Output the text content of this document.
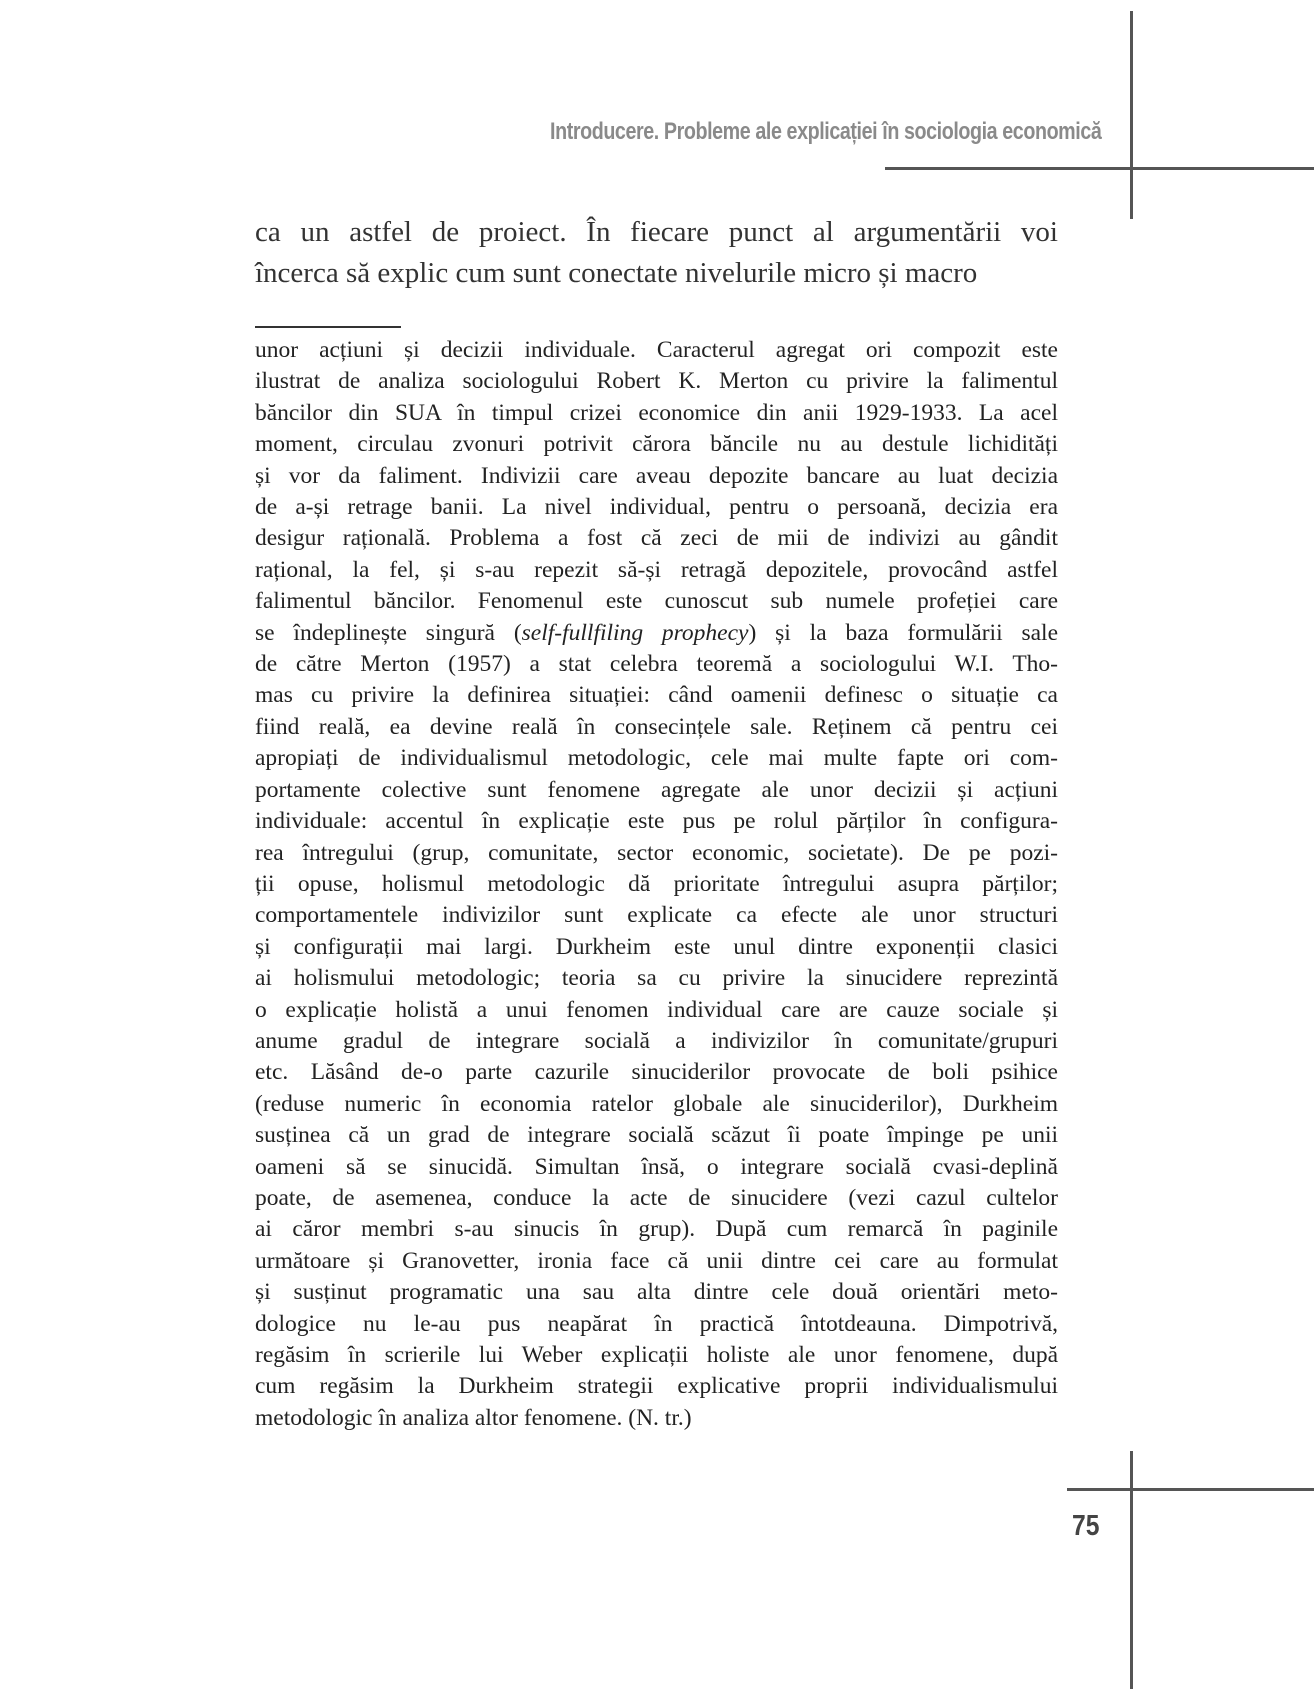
Introducere. Probleme ale explicației în sociologia economică
ca un astfel de proiect. În fiecare punct al argumentării voi
încerca să explic cum sunt conectate nivelurile micro și macro
unor acțiuni și decizii individuale. Caracterul agregat ori compozit este
ilustrat de analiza sociologului Robert K. Merton cu privire la falimentul
băncilor din SUA în timpul crizei economice din anii 1929-1933. La acel
moment, circulau zvonuri potrivit cărora băncile nu au destule lichidități
și vor da faliment. Indivizii care aveau depozite bancare au luat decizia
de a-și retrage banii. La nivel individual, pentru o persoană, decizia era
desigur rațională. Problema a fost că zeci de mii de indivizi au gândit
rațional, la fel, și s-au repezit să-și retragă depozitele, provocând astfel
falimentul băncilor. Fenomenul este cunoscut sub numele profeției care
se îndeplinește singură (self-fullfiling prophecy) și la baza formulării sale
de către Merton (1957) a stat celebra teoremă a sociologului W.I. Tho-
mas cu privire la definirea situației: când oamenii definesc o situație ca
fiind reală, ea devine reală în consecințele sale. Reținem că pentru cei
apropiați de individualismul metodologic, cele mai multe fapte ori com-
portamente colective sunt fenomene agregate ale unor decizii și acțiuni
individuale: accentul în explicație este pus pe rolul părților în configura-
rea întregului (grup, comunitate, sector economic, societate). De pe pozi-
ții opuse, holismul metodologic dă prioritate întregului asupra părților;
comportamentele indivizilor sunt explicate ca efecte ale unor structuri
și configurații mai largi. Durkheim este unul dintre exponenții clasici
ai holismului metodologic; teoria sa cu privire la sinucidere reprezintă
o explicație holistă a unui fenomen individual care are cauze sociale și
anume gradul de integrare socială a indivizilor în comunitate/grupuri
etc. Lăsând de-o parte cazurile sinuciderilor provocate de boli psihice
(reduse numeric în economia ratelor globale ale sinuciderilor), Durkheim
susținea că un grad de integrare socială scăzut îi poate împinge pe unii
oameni să se sinucidă. Simultan însă, o integrare socială cvasi-deplină
poate, de asemenea, conduce la acte de sinucidere (vezi cazul cultelor
ai căror membri s-au sinucis în grup). După cum remarcă în paginile
următoare și Granovetter, ironia face că unii dintre cei care au formulat
și susținut programatic una sau alta dintre cele două orientări meto-
dologice nu le-au pus neapărat în practică întotdeauna. Dimpotrivă,
regăsim în scrierile lui Weber explicații holiste ale unor fenomene, după
cum regăsim la Durkheim strategii explicative proprii individualismului
metodologic în analiza altor fenomene. (N. tr.)
75
